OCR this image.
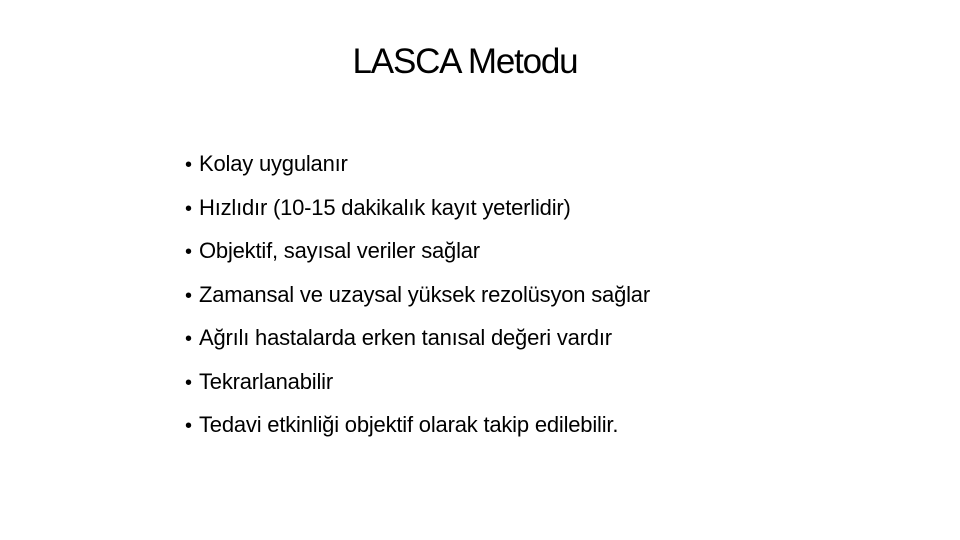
LASCA Metodu
• Kolay uygulanır
• Hızlıdır (10-15 dakikalık kayıt yeterlidir)
• Objektif, sayısal veriler sağlar
• Zamansal ve uzaysal yüksek rezolüsyon sağlar
• Ağrılı hastalarda erken tanısal değeri vardır
• Tekrarlanabilir
• Tedavi etkinliği objektif olarak takip edilebilir.
